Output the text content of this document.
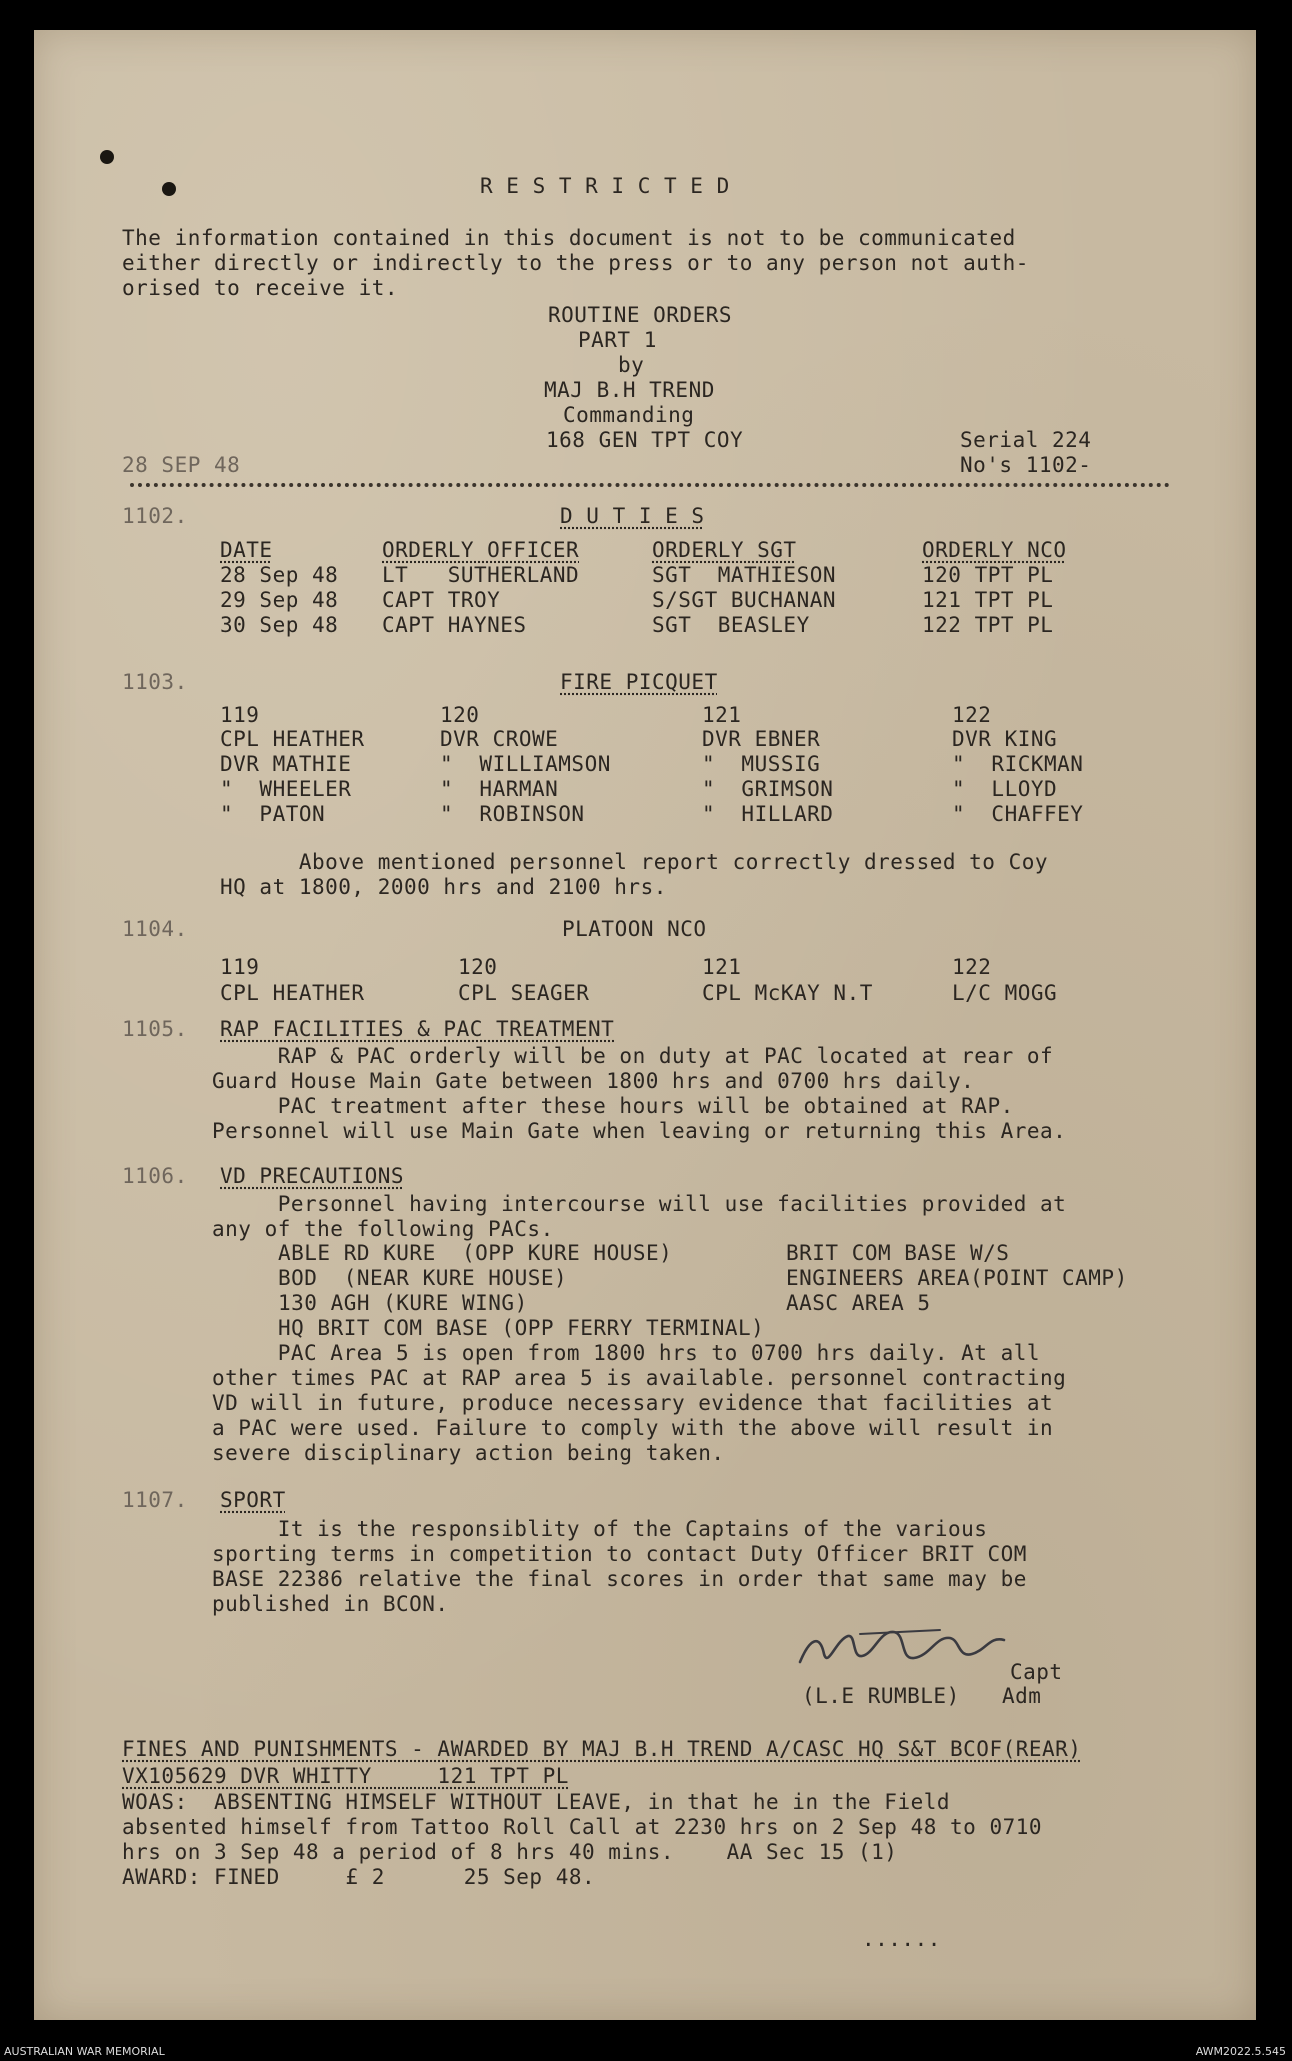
R E S T R I C T E D
The information contained in this document is not to be communicated
either directly or indirectly to the press or to any person not auth-
orised to receive it.
ROUTINE ORDERS
PART 1
by
MAJ B.H TREND
Commanding
168 GEN TPT COY	Serial 224
No's 1102-
28 SEP 48
1102.	D U T I E S
DATE	ORDERLY OFFICER	ORDERLY SGT	ORDERLY NCO
28 Sep 48 LT   SUTHERLAND	SGT  MATHIESON	120 TPT PL
29 Sep 48 CAPT TROY	S/SGT BUCHANAN	121 TPT PL
30 Sep 48 CAPT HAYNES	SGT  BEASLEY	122 TPT PL
1103.	FIRE PICQUET
119	120	121	122
CPL HEATHER	DVR CROWE	DVR EBNER	DVR KING
DVR MATHIE	"  WILLIAMSON	"  MUSSIG	"  RICKMAN
"  WHEELER	"  HARMAN	"  GRIMSON	"  LLOYD
"  PATON	"  ROBINSON	"  HILLARD	"  CHAFFEY
Above mentioned personnel report correctly dressed to Coy
HQ at 1800, 2000 hrs and 2100 hrs.
1104.	PLATOON NCO
119	120	121	122
CPL HEATHER	CPL SEAGER	CPL McKAY N.T	L/C MOGG
1105. RAP FACILITIES & PAC TREATMENT
RAP & PAC orderly will be on duty at PAC located at rear of
Guard House Main Gate between 1800 hrs and 0700 hrs daily.
PAC treatment after these hours will be obtained at RAP.
Personnel will use Main Gate when leaving or returning this Area.
1106. VD PRECAUTIONS
Personnel having intercourse will use facilities provided at
any of the following PACs.
ABLE RD KURE  (OPP KURE HOUSE)	BRIT COM BASE W/S
BOD  (NEAR KURE HOUSE)	ENGINEERS AREA(POINT CAMP)
130 AGH (KURE WING)	AASC AREA 5
HQ BRIT COM BASE (OPP FERRY TERMINAL)
PAC Area 5 is open from 1800 hrs to 0700 hrs daily. At all
other times PAC at RAP area 5 is available. personnel contracting
VD will in future, produce necessary evidence that facilities at
a PAC were used. Failure to comply with the above will result in
severe disciplinary action being taken.
1107. SPORT
It is the responsiblity of the Captains of the various
sporting terms in competition to contact Duty Officer BRIT COM
BASE 22386 relative the final scores in order that same may be
published in BCON.
Capt
(L.E RUMBLE) Adm
FINES AND PUNISHMENTS - AWARDED BY MAJ B.H TREND A/CASC HQ S&T BCOF(REAR)
VX105629 DVR WHITTY     121 TPT PL
WOAS:  ABSENTING HIMSELF WITHOUT LEAVE, in that he in the Field
absented himself from Tattoo Roll Call at 2230 hrs on 2 Sep 48 to 0710
hrs on 3 Sep 48 a period of 8 hrs 40 mins.    AA Sec 15 (1)
AWARD: FINED     £ 2      25 Sep 48.
......
AUSTRALIAN WAR MEMORIAL	AWM2022.5.545
